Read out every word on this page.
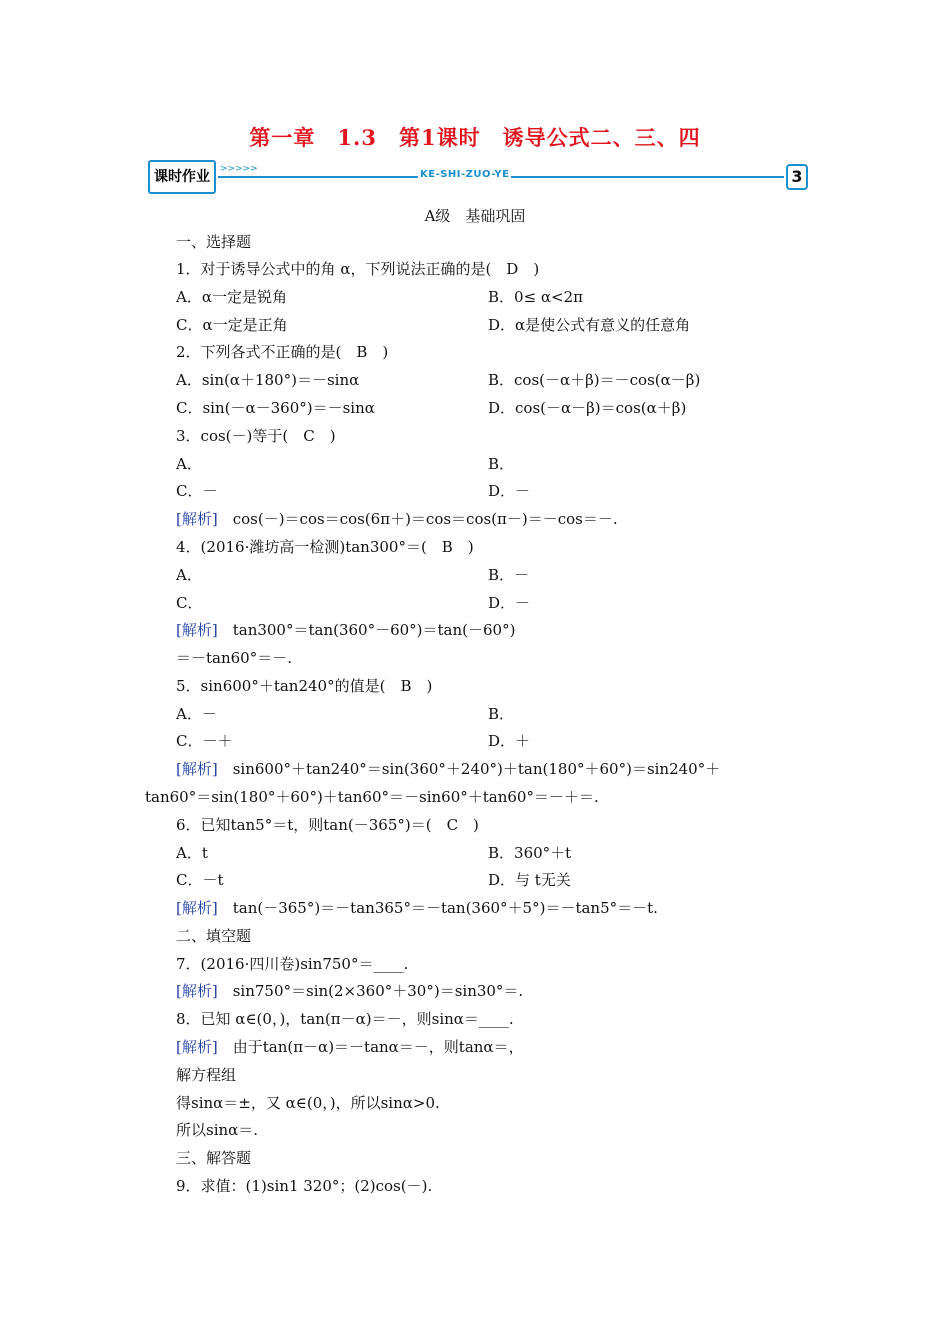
第一章　1.3　第1课时　诱导公式二、三、四
课时作业	>>>>>	KE-SHI-ZUO-YE	3
A级　基础巩固
一、选择题
1．对于诱导公式中的角 α，下列说法正确的是(　D　)
A．α一定是锐角	B．0≤ α<2π
C．α一定是正角	D．α是使公式有意义的任意角
2．下列各式不正确的是(　B　)
A．sin(α＋180°)＝－sinα	B．cos(－α＋β)＝－cos(α－β)
C．sin(－α－360°)＝－sinα	D．cos(－α－β)＝cos(α＋β)
3．cos(－)等于(　C　)
A．	B．
C．－	D．－
[解析]　cos(－)＝cos＝cos(6π＋)＝cos＝cos(π－)＝－cos＝－.
4．(2016·潍坊高一检测)tan300°＝(　B　)
A．	B．－
C．	D．－
[解析]　tan300°＝tan(360°－60°)＝tan(－60°)
＝－tan60°＝－.
5．sin600°＋tan240°的值是(　B　)
A．－	B．
C．－＋	D．＋
[解析]　sin600°＋tan240°＝sin(360°＋240°)＋tan(180°＋60°)＝sin240°＋
tan60°＝sin(180°＋60°)＋tan60°＝－sin60°＋tan60°＝－＋＝.
6．已知tan5°＝t，则tan(－365°)＝(　C　)
A．t	B．360°＋t
C．－t	D．与 t无关
[解析]　tan(－365°)＝－tan365°＝－tan(360°＋5°)＝－tan5°＝－t.
二、填空题
7．(2016·四川卷)sin750°＝____.
[解析]　sin750°＝sin(2×360°＋30°)＝sin30°＝.
8．已知 α∈(0，)，tan(π－α)＝－，则sinα＝____.
[解析]　由于tan(π－α)＝－tanα＝－，则tanα＝，
解方程组
得sinα＝±，又 α∈(0，)，所以sinα>0.
所以sinα＝.
三、解答题
9．求值：(1)sin1 320°；(2)cos(－).
